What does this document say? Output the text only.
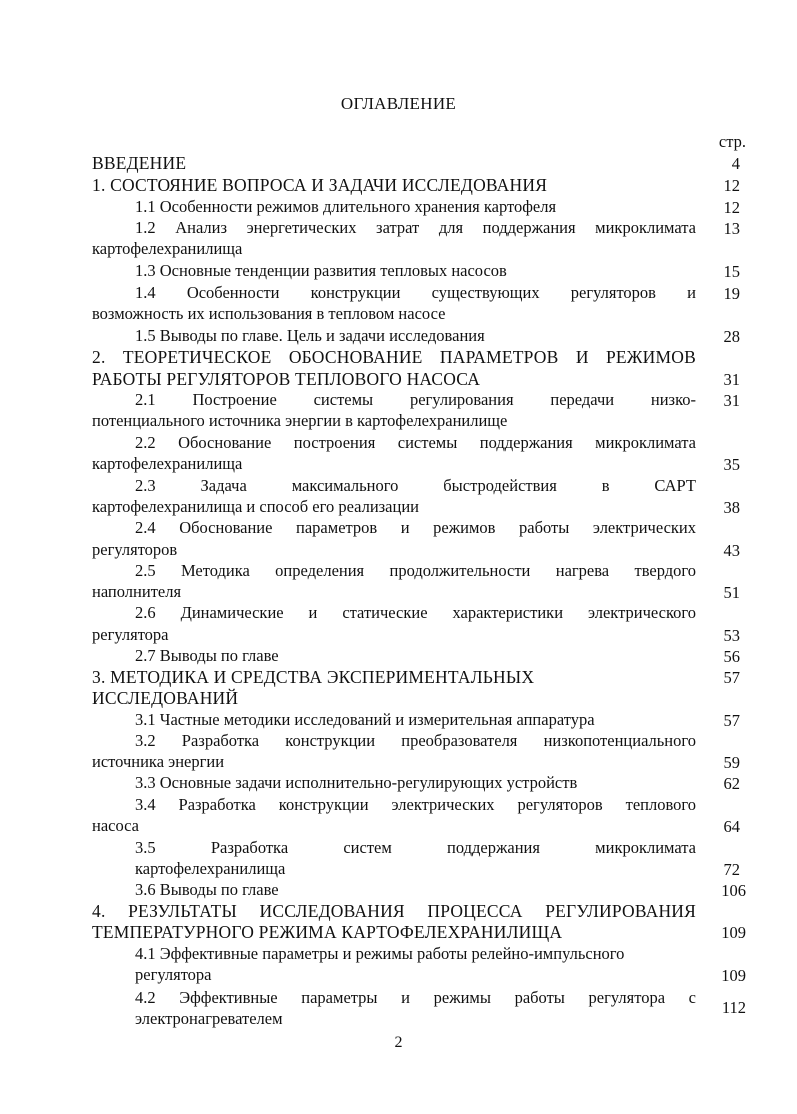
ОГЛАВЛЕНИЕ
стр.
ВВЕДЕНИЕ	4
1. СОСТОЯНИЕ ВОПРОСА И ЗАДАЧИ ИССЛЕДОВАНИЯ	12
1.1 Особенности режимов длительного хранения картофеля	12
1.2 Анализ энергетических затрат для поддержания микроклимата
картофелехранилища
13
1.3 Основные тенденции развития тепловых насосов	15
1.4 Особенности конструкции существующих регуляторов и
возможность их использования в тепловом насосе
19
1.5 Выводы по главе. Цель и задачи исследования	28
2. ТЕОРЕТИЧЕСКОЕ ОБОСНОВАНИЕ ПАРАМЕТРОВ И РЕЖИМОВ
РАБОТЫ РЕГУЛЯТОРОВ ТЕПЛОВОГО НАСОСА	31
2.1 Построение системы регулирования передачи низко-
потенциального источника энергии в картофелехранилище
31
2.2 Обоснование построения системы поддержания микроклимата
картофелехранилища	35
2.3 Задача максимального быстродействия в САРТ
картофелехранилища и способ его реализации	38
2.4 Обоснование параметров и режимов работы электрических
регуляторов	43
2.5 Методика определения продолжительности нагрева твердого
наполнителя	51
2.6 Динамические и статические характеристики электрического
регулятора	53
2.7 Выводы по главе	56
3. МЕТОДИКА И СРЕДСТВА ЭКСПЕРИМЕНТАЛЬНЫХ
ИССЛЕДОВАНИЙ
57
3.1 Частные методики исследований и измерительная аппаратура	57
3.2 Разработка конструкции преобразователя низкопотенциального
источника энергии	59
3.3 Основные задачи исполнительно-регулирующих устройств	62
3.4 Разработка конструкции электрических регуляторов теплового
насоса	64
3.5 Разработка систем поддержания микроклимата
картофелехранилища	72
3.6 Выводы по главе	106
4. РЕЗУЛЬТАТЫ ИССЛЕДОВАНИЯ ПРОЦЕССА РЕГУЛИРОВАНИЯ
ТЕМПЕРАТУРНОГО РЕЖИМА КАРТОФЕЛЕХРАНИЛИЩА	109
4.1 Эффективные параметры и режимы работы релейно-импульсного
регулятора	109
4.2 Эффективные параметры и режимы работы регулятора с
электронагревателем
112
2
